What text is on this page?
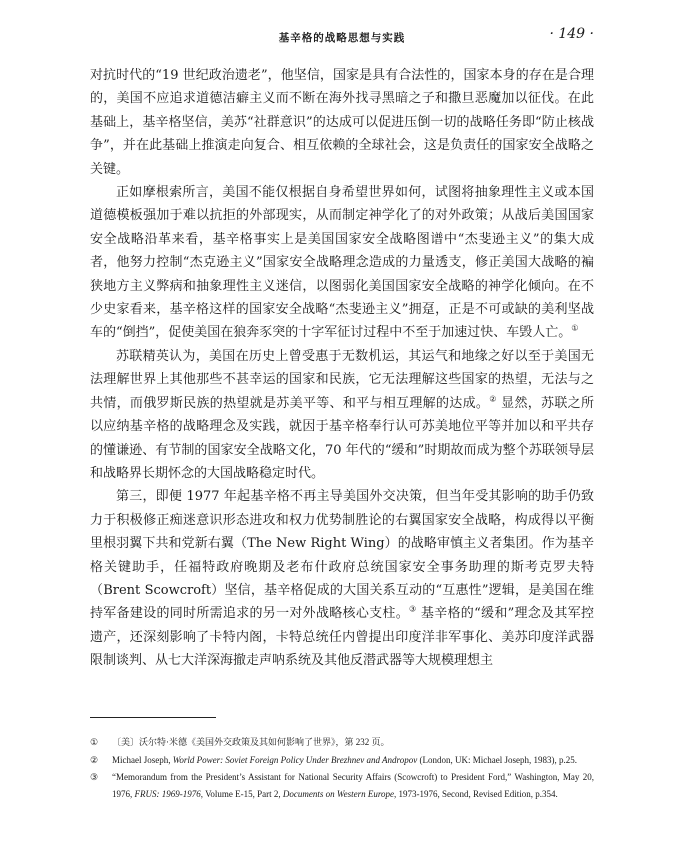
基辛格的战略思想与实践	· 149 ·

对抗时代的“19 世纪政治遗老”，他坚信，国家是具有合法性的，国家本身的存在是合理的，美国不应追求道德洁癖主义而不断在海外找寻黑暗之子和撒旦恶魔加以征伐。在此基础上，基辛格坚信，美苏“社群意识”的达成可以促进压倒一切的战略任务即“防止核战争”，并在此基础上推演走向复合、相互依赖的全球社会，这是负责任的国家安全战略之关键。

正如摩根索所言，美国不能仅根据自身希望世界如何，试图将抽象理性主义或本国道德模板强加于难以抗拒的外部现实，从而制定神学化了的对外政策；从战后美国国家安全战略沿革来看，基辛格事实上是美国国家安全战略图谱中“杰斐逊主义”的集大成者，他努力控制“杰克逊主义”国家安全战略理念造成的力量透支，修正美国大战略的褊狭地方主义弊病和抽象理性主义迷信，以图弱化美国国家安全战略的神学化倾向。在不少史家看来，基辛格这样的国家安全战略“杰斐逊主义”拥趸，正是不可或缺的美利坚战车的“倒挡”，促使美国在狼奔豕突的十字军征讨过程中不至于加速过快、车毁人亡。①

苏联精英认为，美国在历史上曾受惠于无数机运，其运气和地缘之好以至于美国无法理解世界上其他那些不甚幸运的国家和民族，它无法理解这些国家的热望，无法与之共情，而俄罗斯民族的热望就是苏美平等、和平与相互理解的达成。② 显然，苏联之所以应纳基辛格的战略理念及实践，就因于基辛格奉行认可苏美地位平等并加以和平共存的懂谦逊、有节制的国家安全战略文化，70 年代的“缓和”时期故而成为整个苏联领导层和战略界长期怀念的大国战略稳定时代。

第三，即便 1977 年起基辛格不再主导美国外交决策，但当年受其影响的助手仍致力于积极修正痴迷意识形态进攻和权力优势制胜论的右翼国家安全战略，构成得以平衡里根羽翼下共和党新右翼（The New Right Wing）的战略审慎主义者集团。作为基辛格关键助手，任福特政府晚期及老布什政府总统国家安全事务助理的斯考克罗夫特（Brent Scowcroft）坚信，基辛格促成的大国关系互动的“互惠性”逻辑，是美国在维持军备建设的同时所需追求的另一对外战略核心支柱。③ 基辛格的“缓和”理念及其军控遗产，还深刻影响了卡特内阁，卡特总统任内曾提出印度洋非军事化、美苏印度洋武器限制谈判、从七大洋深海撤走声呐系统及其他反潜武器等大规模理想主

①	〔美〕沃尔特·米德《美国外交政策及其如何影响了世界》，第 232 页。
②	Michael Joseph, World Power: Soviet Foreign Policy Under Brezhnev and Andropov (London, UK: Michael Joseph, 1983), p.25.
③	“Memorandum from the President’s Assistant for National Security Affairs (Scowcroft) to President Ford,” Washington, May 20, 1976, FRUS: 1969-1976, Volume E-15, Part 2, Documents on Western Europe, 1973-1976, Second, Revised Edition, p.354.
